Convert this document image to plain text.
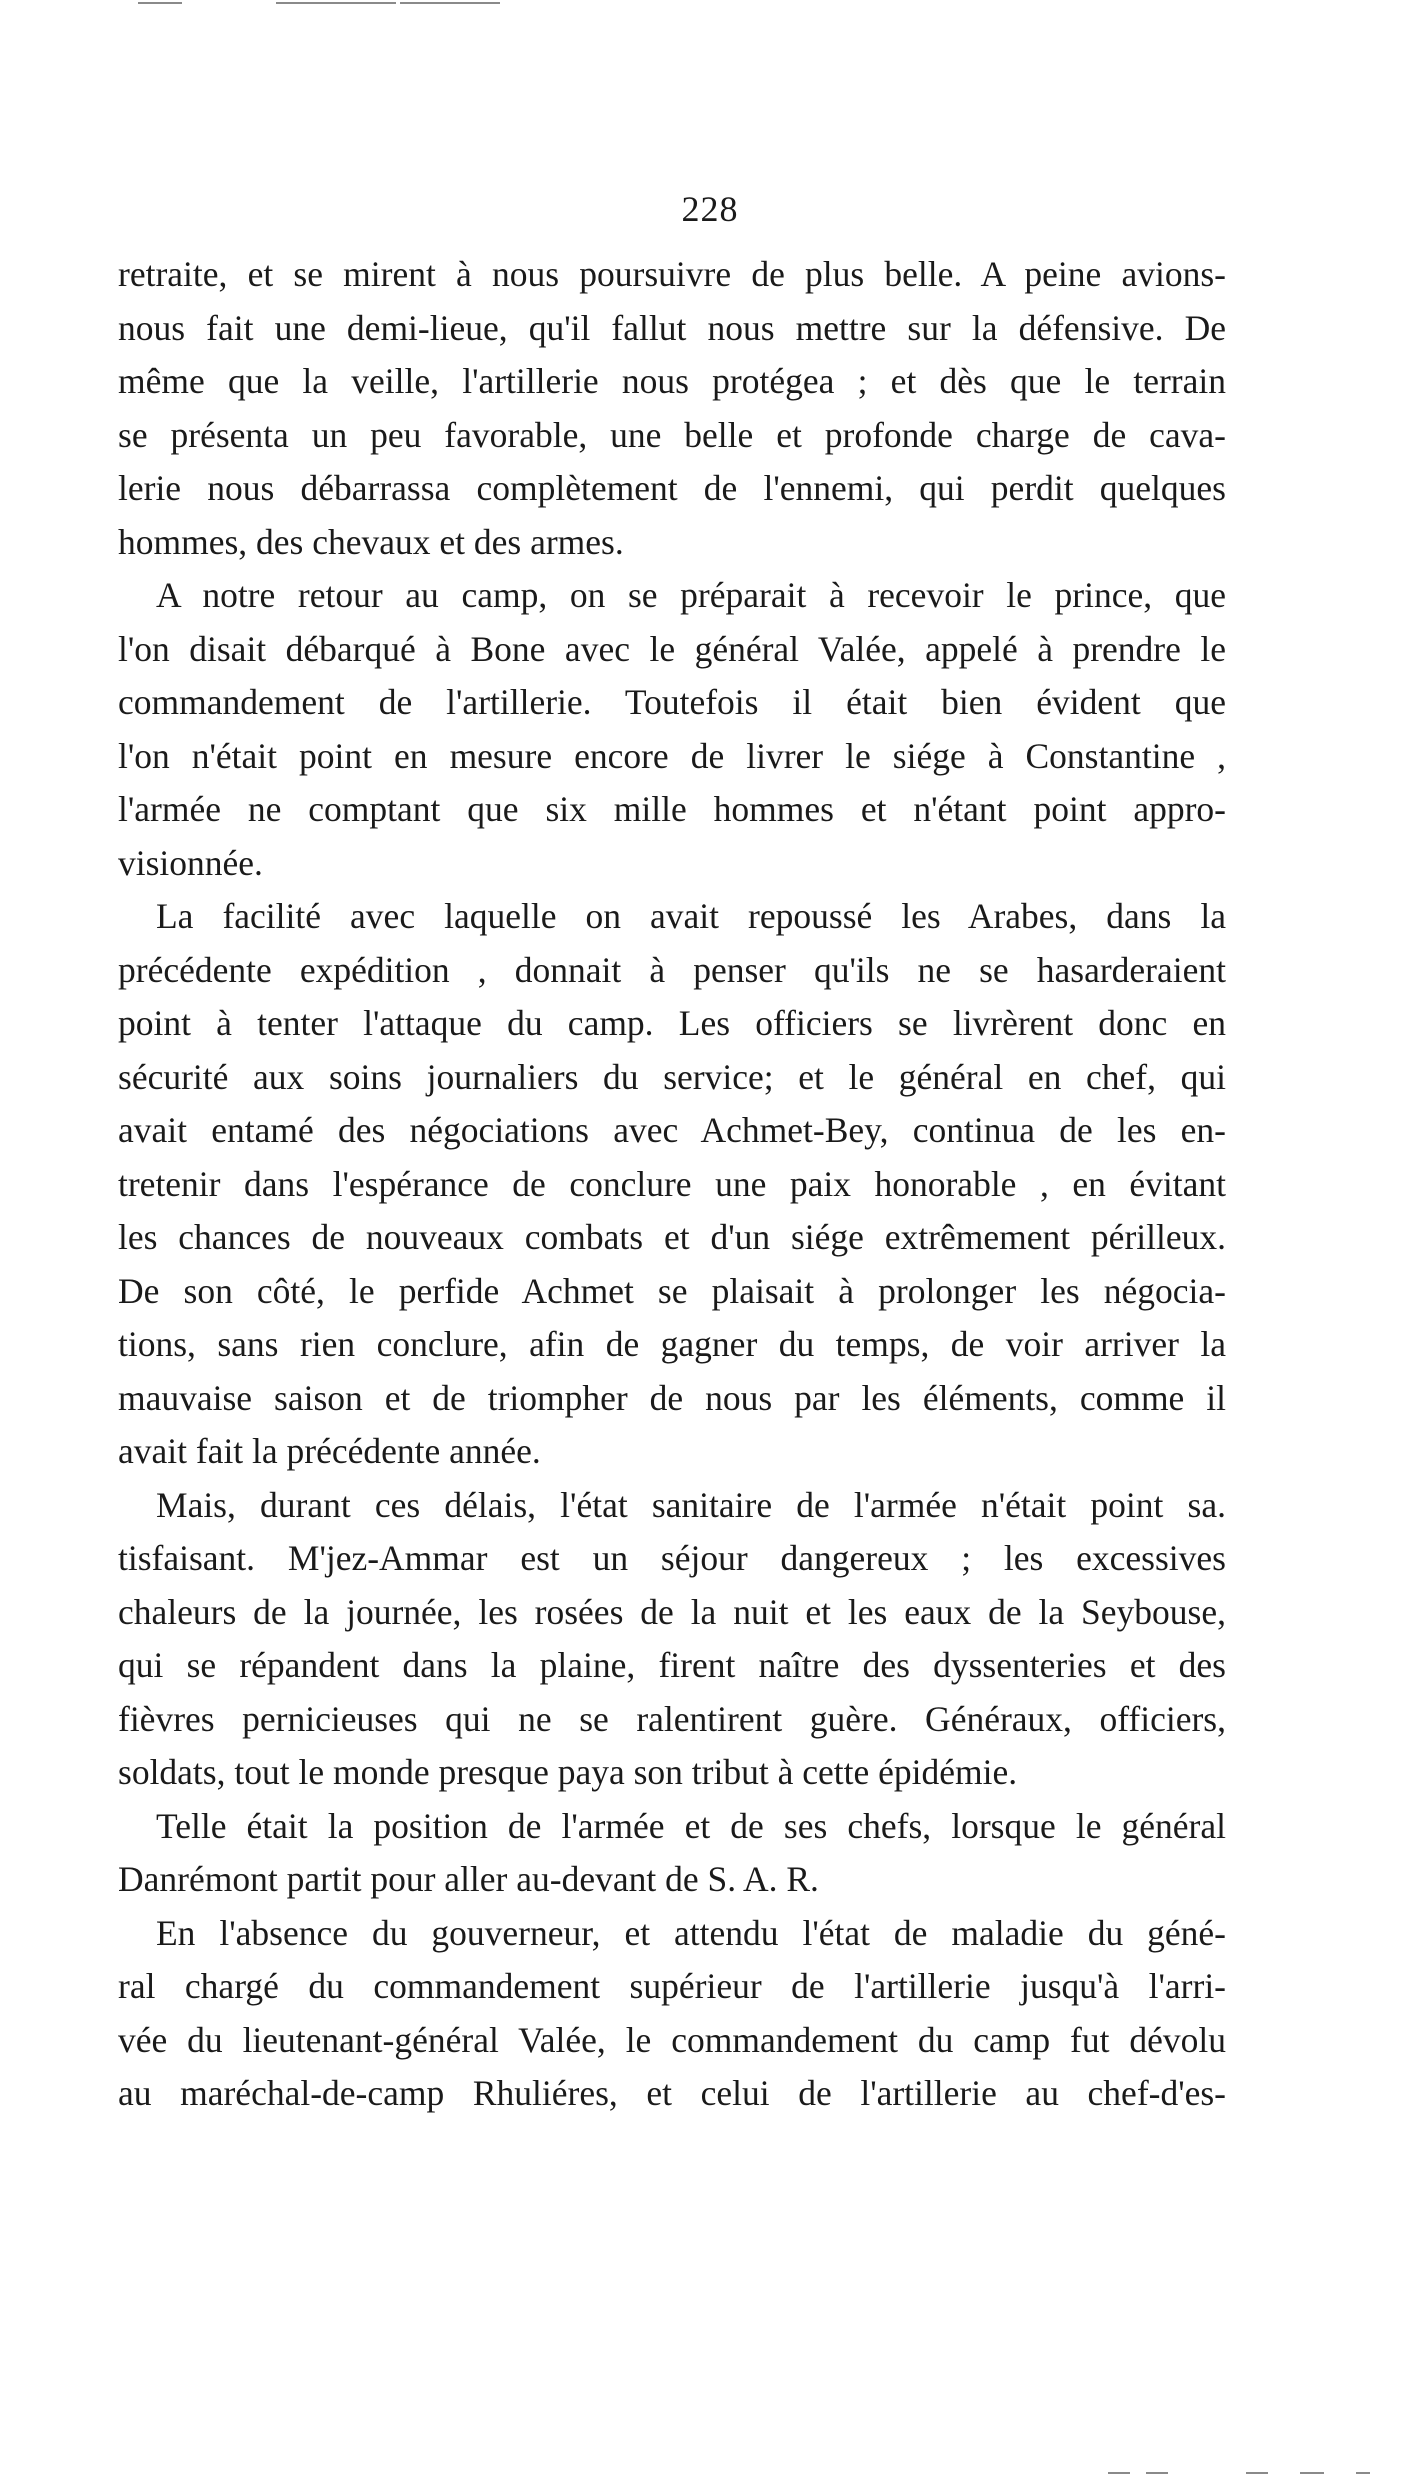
228
retraite, et se mirent à nous poursuivre de plus belle. A peine avions-
nous fait une demi-lieue, qu'il fallut nous mettre sur la défensive. De
même que la veille, l'artillerie nous protégea ; et dès que le terrain
se présenta un peu favorable, une belle et profonde charge de cava-
lerie nous débarrassa complètement de l'ennemi, qui perdit quelques
hommes, des chevaux et des armes.
A notre retour au camp, on se préparait à recevoir le prince, que
l'on disait débarqué à Bone avec le général Valée, appelé à prendre le
commandement de l'artillerie. Toutefois il était bien évident que
l'on n'était point en mesure encore de livrer le siége à Constantine ,
l'armée ne comptant que six mille hommes et n'étant point appro-
visionnée.
La facilité avec laquelle on avait repoussé les Arabes, dans la
précédente expédition , donnait à penser qu'ils ne se hasarderaient
point à tenter l'attaque du camp. Les officiers se livrèrent donc en
sécurité aux soins journaliers du service; et le général en chef, qui
avait entamé des négociations avec Achmet-Bey, continua de les en-
tretenir dans l'espérance de conclure une paix honorable , en évitant
les chances de nouveaux combats et d'un siége extrêmement périlleux.
De son côté, le perfide Achmet se plaisait à prolonger les négocia-
tions, sans rien conclure, afin de gagner du temps, de voir arriver la
mauvaise saison et de triompher de nous par les éléments, comme il
avait fait la précédente année.
Mais, durant ces délais, l'état sanitaire de l'armée n'était point sa.
tisfaisant. M'jez-Ammar est un séjour dangereux ; les excessives
chaleurs de la journée, les rosées de la nuit et les eaux de la Seybouse,
qui se répandent dans la plaine, firent naître des dyssenteries et des
fièvres pernicieuses qui ne se ralentirent guère. Généraux, officiers,
soldats, tout le monde presque paya son tribut à cette épidémie.
Telle était la position de l'armée et de ses chefs, lorsque le général
Danrémont partit pour aller au-devant de S. A. R.
En l'absence du gouverneur, et attendu l'état de maladie du géné-
ral chargé du commandement supérieur de l'artillerie jusqu'à l'arri-
vée du lieutenant-général Valée, le commandement du camp fut dévolu
au maréchal-de-camp Rhuliéres, et celui de l'artillerie au chef-d'es-
